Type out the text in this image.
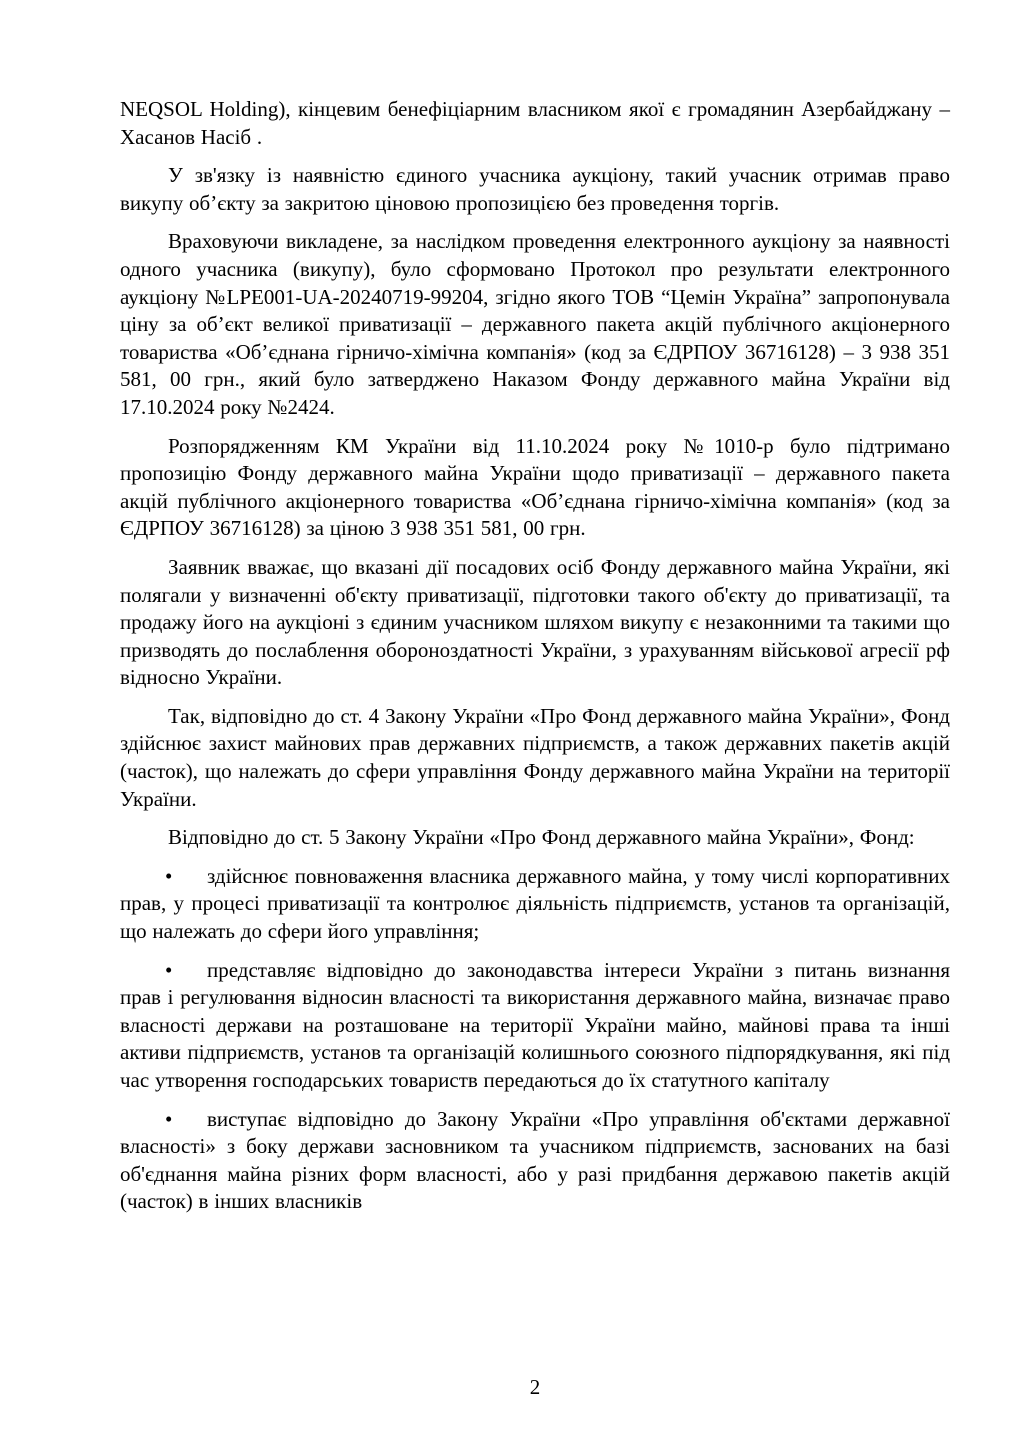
NEQSOL Holding), кінцевим бенефіціарним власником якої є громадянин Азербайджану – Хасанов Насіб .

У зв'язку із наявністю єдиного учасника аукціону, такий учасник отримав право викупу об’єкту за закритою ціновою пропозицією без проведення торгів.

Враховуючи викладене, за наслідком проведення електронного аукціону за наявності одного учасника (викупу), було сформовано Протокол про результати електронного аукціону №LPE001-UA-20240719-99204, згідно якого ТОВ “Цемін Україна” запропонувала ціну за об’єкт великої приватизації – державного пакета акцій публічного акціонерного товариства «Об’єднана гірничо-хімічна компанія» (код за ЄДРПОУ 36716128) – 3 938 351 581, 00 грн., який було затверджено Наказом Фонду державного майна України від 17.10.2024 року №2424.

Розпорядженням КМ України від 11.10.2024 року №1010-р було підтримано пропозицію Фонду державного майна України щодо приватизації – державного пакета акцій публічного акціонерного товариства «Об’єднана гірничо-хімічна компанія» (код за ЄДРПОУ 36716128) за ціною 3 938 351 581, 00 грн.

Заявник вважає, що вказані дії посадових осіб Фонду державного майна України, які полягали у визначенні об'єкту приватизації, підготовки такого об'єкту до приватизації, та продажу його на аукціоні з єдиним учасником шляхом викупу є незаконними та такими що призводять до послаблення обороноздатності України, з урахуванням військової агресії рф відносно України.

Так, відповідно до ст. 4 Закону України «Про Фонд державного майна України», Фонд здійснює захист майнових прав державних підприємств, а також державних пакетів акцій (часток), що належать до сфери управління Фонду державного майна України на території України.

Відповідно до ст. 5 Закону України «Про Фонд державного майна України», Фонд:

• здійснює повноваження власника державного майна, у тому числі корпоративних прав, у процесі приватизації та контролює діяльність підприємств, установ та організацій, що належать до сфери його управління;

• представляє відповідно до законодавства інтереси України з питань визнання прав і регулювання відносин власності та використання державного майна, визначає право власності держави на розташоване на території України майно, майнові права та інші активи підприємств, установ та організацій колишнього союзного підпорядкування, які під час утворення господарських товариств передаються до їх статутного капіталу

• виступає відповідно до Закону України «Про управління об'єктами державної власності» з боку держави засновником та учасником підприємств, заснованих на базі об'єднання майна різних форм власності, або у разі придбання державою пакетів акцій (часток) в інших власників

2
